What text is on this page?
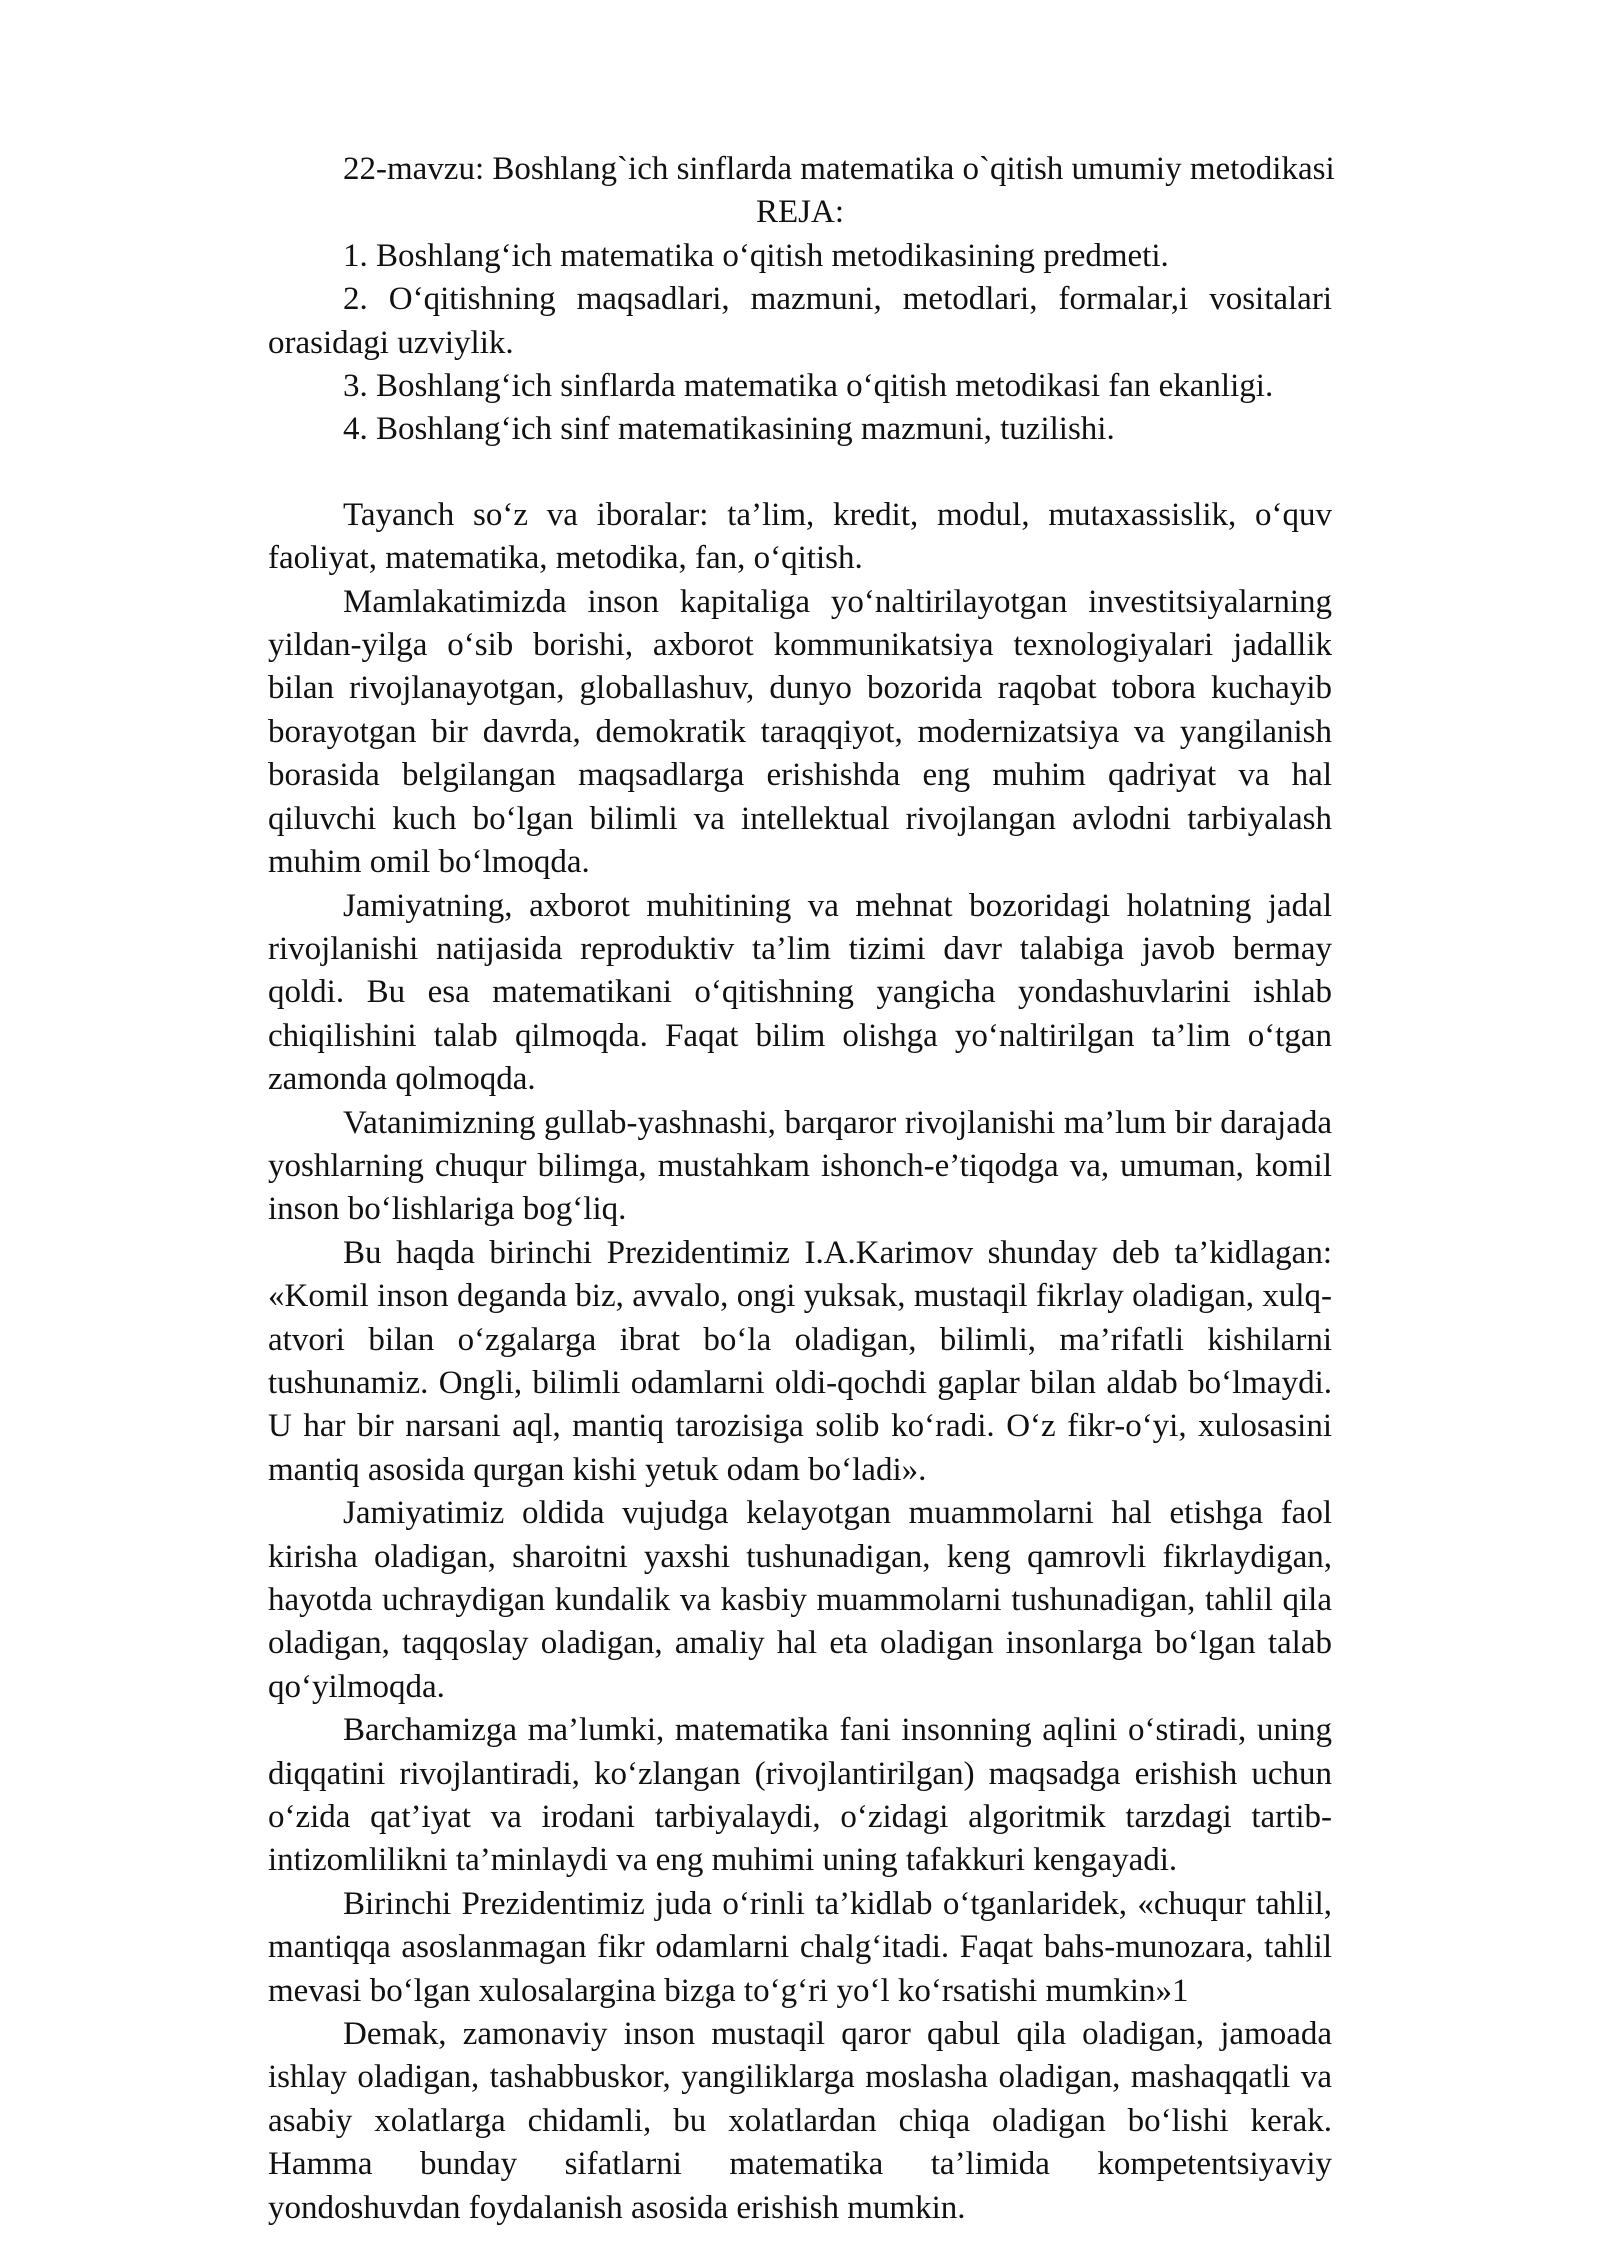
22-mavzu: Boshlang`ich sinflarda matematika o`qitish umumiy metodikasi

REJA:

1. Boshlang‘ich matematika o‘qitish metodikasining predmeti.

2. O‘qitishning maqsadlari, mazmuni, metodlari, formalar,i vositalari orasidagi uzviylik.

3. Boshlang‘ich sinflarda matematika o‘qitish metodikasi fan ekanligi.

4. Boshlang‘ich sinf matematikasining mazmuni, tuzilishi.

Tayanch so‘z va iboralar: ta’lim, kredit, modul, mutaxassislik, o‘quv faoliyat, matematika, metodika, fan, o‘qitish.

Mamlakatimizda inson kapitaliga yo‘naltirilayotgan investitsiyalarning yildan-yilga o‘sib borishi, axborot kommunikatsiya texnologiyalari jadallik bilan rivojlanayotgan, globallashuv, dunyo bozorida raqobat tobora kuchayib borayotgan bir davrda, demokratik taraqqiyot, modernizatsiya va yangilanish borasida belgilangan maqsadlarga erishishda eng muhim qadriyat va hal qiluvchi kuch bo‘lgan bilimli va intellektual rivojlangan avlodni tarbiyalash muhim omil bo‘lmoqda.

Jamiyatning, axborot muhitining va mehnat bozoridagi holatning jadal rivojlanishi natijasida reproduktiv ta’lim tizimi davr talabiga javob bermay qoldi. Bu esa matematikani o‘qitishning yangicha yondashuvlarini ishlab chiqilishini talab qilmoqda. Faqat bilim olishga yo‘naltirilgan ta’lim o‘tgan zamonda qolmoqda.

Vatanimizning gullab-yashnashi, barqaror rivojlanishi ma’lum bir darajada yoshlarning chuqur bilimga, mustahkam ishonch-e’tiqodga va, umuman, komil inson bo‘lishlariga bog‘liq.

Bu haqda birinchi Prezidentimiz I.A.Karimov shunday deb ta’kidlagan: «Komil inson deganda biz, avvalo, ongi yuksak, mustaqil fikrlay oladigan, xulq-atvori bilan o‘zgalarga ibrat bo‘la oladigan, bilimli, ma’rifatli kishilarni tushunamiz. Ongli, bilimli odamlarni oldi-qochdi gaplar bilan aldab bo‘lmaydi. U har bir narsani aql, mantiq tarozisiga solib ko‘radi. O‘z fikr-o‘yi, xulosasini mantiq asosida qurgan kishi yetuk odam bo‘ladi».

Jamiyatimiz oldida vujudga kelayotgan muammolarni hal etishga faol kirisha oladigan, sharoitni yaxshi tushunadigan, keng qamrovli fikrlaydigan, hayotda uchraydigan kundalik va kasbiy muammolarni tushunadigan, tahlil qila oladigan, taqqoslay oladigan, amaliy hal eta oladigan insonlarga bo‘lgan talab qo‘yilmoqda.

Barchamizga ma’lumki, matematika fani insonning aqlini o‘stiradi, uning diqqatini rivojlantiradi, ko‘zlangan (rivojlantirilgan) maqsadga erishish uchun o‘zida qat’iyat va irodani tarbiyalaydi, o‘zidagi algoritmik tarzdagi tartib-intizomlilikni ta’minlaydi va eng muhimi uning tafakkuri kengayadi.

Birinchi Prezidentimiz juda o‘rinli ta’kidlab o‘tganlaridek, «chuqur tahlil, mantiqqa asoslanmagan fikr odamlarni chalg‘itadi. Faqat bahs-munozara, tahlil mevasi bo‘lgan xulosalargina bizga to‘g‘ri yo‘l ko‘rsatishi mumkin»1

Demak, zamonaviy inson mustaqil qaror qabul qila oladigan, jamoada ishlay oladigan, tashabbuskor, yangiliklarga moslasha oladigan, mashaqqatli va asabiy xolatlarga chidamli, bu xolatlardan chiqa oladigan bo‘lishi kerak. Hamma bunday sifatlarni matematika ta’limida kompetentsiyaviy yondoshuvdan foydalanish asosida erishish mumkin.
